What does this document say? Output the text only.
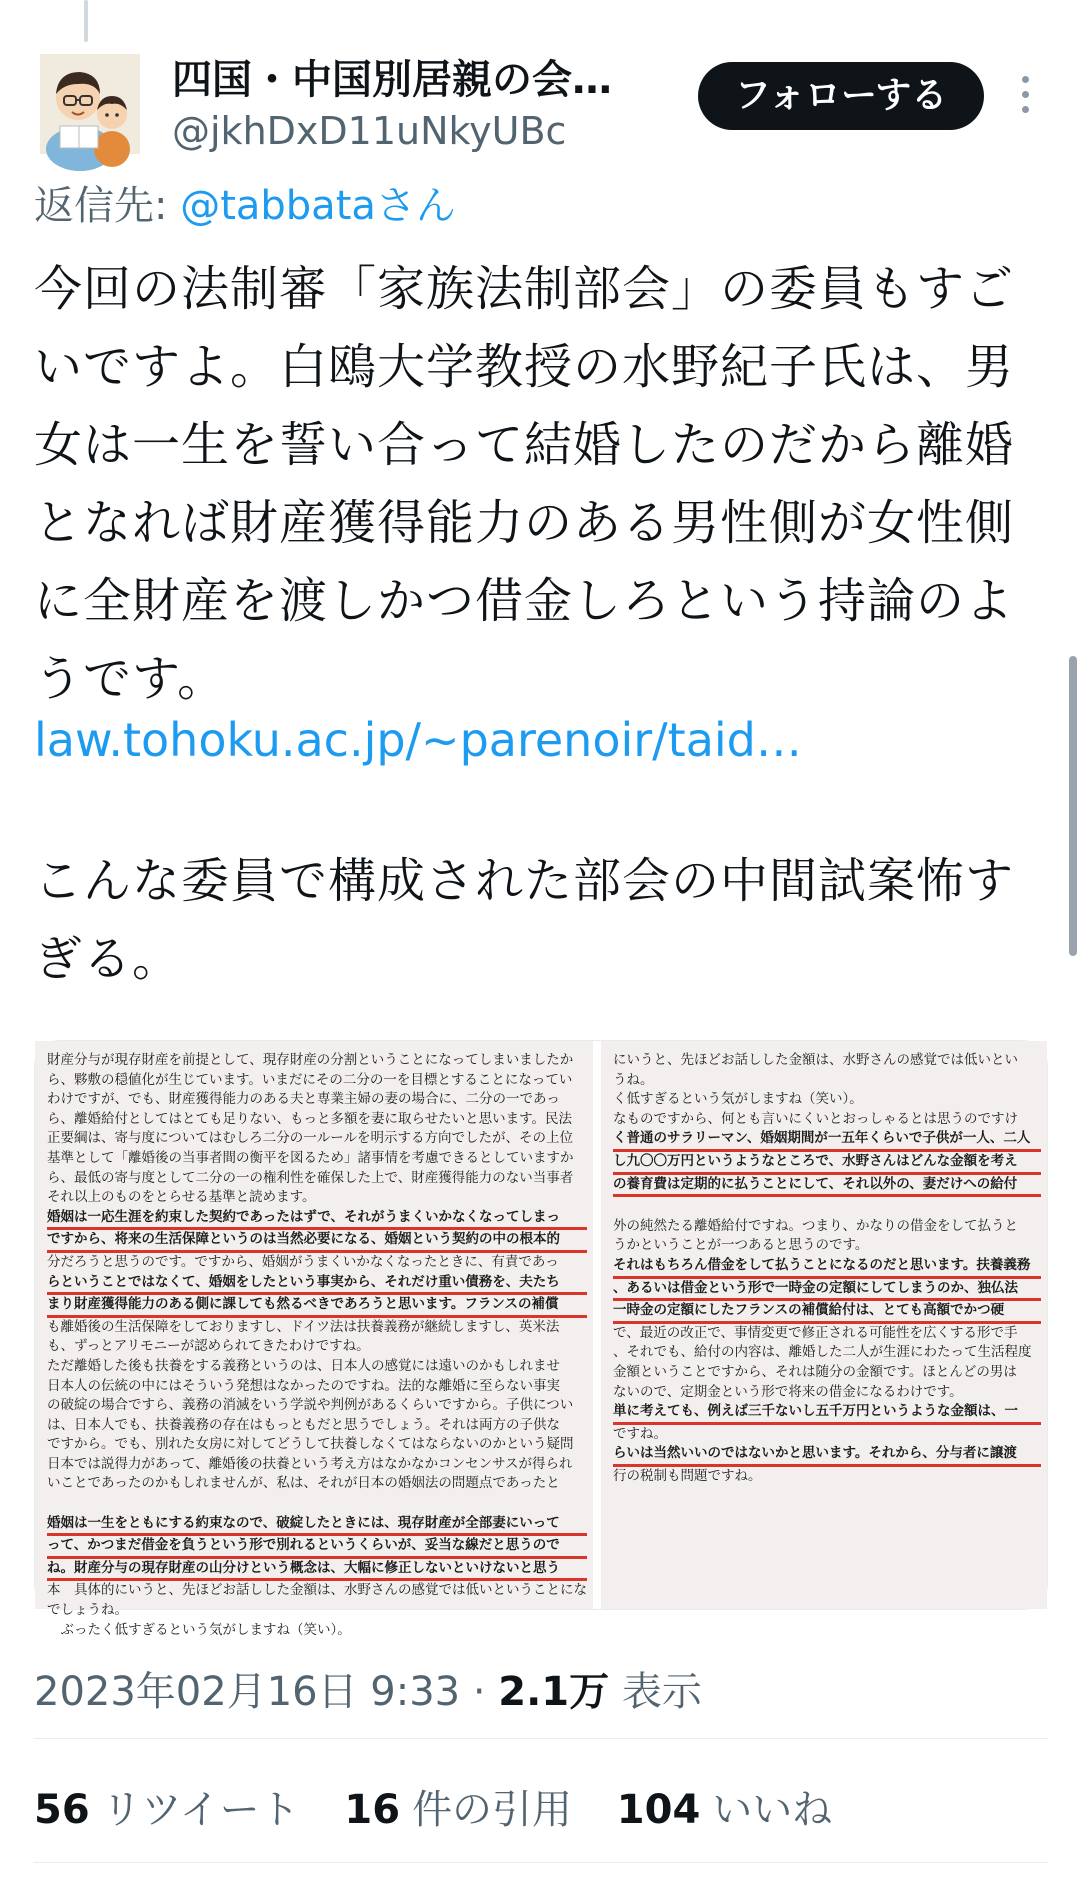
四国・中国別居親の会…
@jkhDxD11uNkyUBc
フォローする
返信先: @tabbataさん
今回の法制審「家族法制部会」の委員もすごいですよ。白鴎大学教授の水野紀子氏は、男女は一生を誓い合って結婚したのだから離婚となれば財産獲得能力のある男性側が女性側に全財産を渡しかつ借金しろという持論のようです。
law.tohoku.ac.jp/~parenoir/taid…
こんな委員で構成された部会の中間試案怖すぎる。
財産分与が現存財産を前提として、現存財産の分割ということになってしまいましたか
ら、夥敷の穏値化が生じています。いまだにその二分の一を目標とすることになってい
わけですが、でも、財産獲得能力のある夫と専業主婦の妻の場合に、二分の一であっ
ら、離婚給付としてはとても足りない、もっと多額を妻に取らせたいと思います。民法
正要綱は、寄与度についてはむしろ二分の一ルールを明示する方向でしたが、その上位
基準として「離婚後の当事者間の衡平を図るため」諸事情を考慮できるとしていますか
ら、最低の寄与度として二分の一の権利性を確保した上で、財産獲得能力のない当事者
それ以上のものをとらせる基準と読めます。
婚姻は一応生涯を約束した契約であったはずで、それがうまくいかなくなってしまっ
ですから、将来の生活保障というのは当然必要になる、婚姻という契約の中の根本的
分だろうと思うのです。ですから、婚姻がうまくいかなくなったときに、有責であっ
らということではなくて、婚姻をしたという事実から、それだけ重い債務を、夫たち
まり財産獲得能力のある側に課しても然るべきであろうと思います。フランスの補償
も離婚後の生活保障をしておりますし、ドイツ法は扶養義務が継続しますし、英米法
も、ずっとアリモニーが認められてきたわけですね。
ただ離婚した後も扶養をする義務というのは、日本人の感覚には遠いのかもしれませ
日本人の伝統の中にはそういう発想はなかったのですね。法的な離婚に至らない事実
の破綻の場合ですら、義務の消滅をいう学説や判例があるくらいですから。子供につい
は、日本人でも、扶養義務の存在はもっともだと思うでしょう。それは両方の子供な
ですから。でも、別れた女房に対してどうして扶養しなくてはならないのかという疑問
日本では説得力があって、離婚後の扶養という考え方はなかなかコンセンサスが得られ
いことであったのかもしれませんが、私は、それが日本の婚姻法の問題点であったと

婚姻は一生をともにする約束なので、破綻したときには、現存財産が全部妻にいって
って、かつまだ借金を負うという形で別れるというくらいが、妥当な線だと思うので
ね。財産分与の現存財産の山分けという概念は、大幅に修正しないといけないと思う
本　具体的にいうと、先ほどお話しした金額は、水野さんの感覚では低いということにな
でしょうね。
　ぶったく低すぎるという気がしますね（笑い）。
にいうと、先ほどお話しした金額は、水野さんの感覚では低いとい
うね。
く低すぎるという気がしますね（笑い）。
なものですから、何とも言いにくいとおっしゃるとは思うのですけ
く普通のサラリーマン、婚姻期間が一五年くらいで子供が一人、二人
し九〇〇万円というようなところで、水野さんはどんな金額を考え
の養育費は定期的に払うことにして、それ以外の、妻だけへの給付

外の純然たる離婚給付ですね。つまり、かなりの借金をして払うと
うかということが一つあると思うのです。
それはもちろん借金をして払うことになるのだと思います。扶養義務
、あるいは借金という形で一時金の定額にしてしまうのか、独仏法
一時金の定額にしたフランスの補償給付は、とても高額でかつ硬
で、最近の改正で、事情変更で修正される可能性を広くする形で手
、それでも、給付の内容は、離婚した二人が生涯にわたって生活程度
金額ということですから、それは随分の金額です。ほとんどの男は
ないので、定期金という形で将来の借金になるわけです。
単に考えても、例えば三千ないし五千万円というような金額は、一
ですね。
らいは当然いいのではないかと思います。それから、分与者に譲渡
行の税制も問題ですね。
2023年02月16日 9:33 · 2.1万 表示
56 リツイート 16 件の引用 104 いいね
